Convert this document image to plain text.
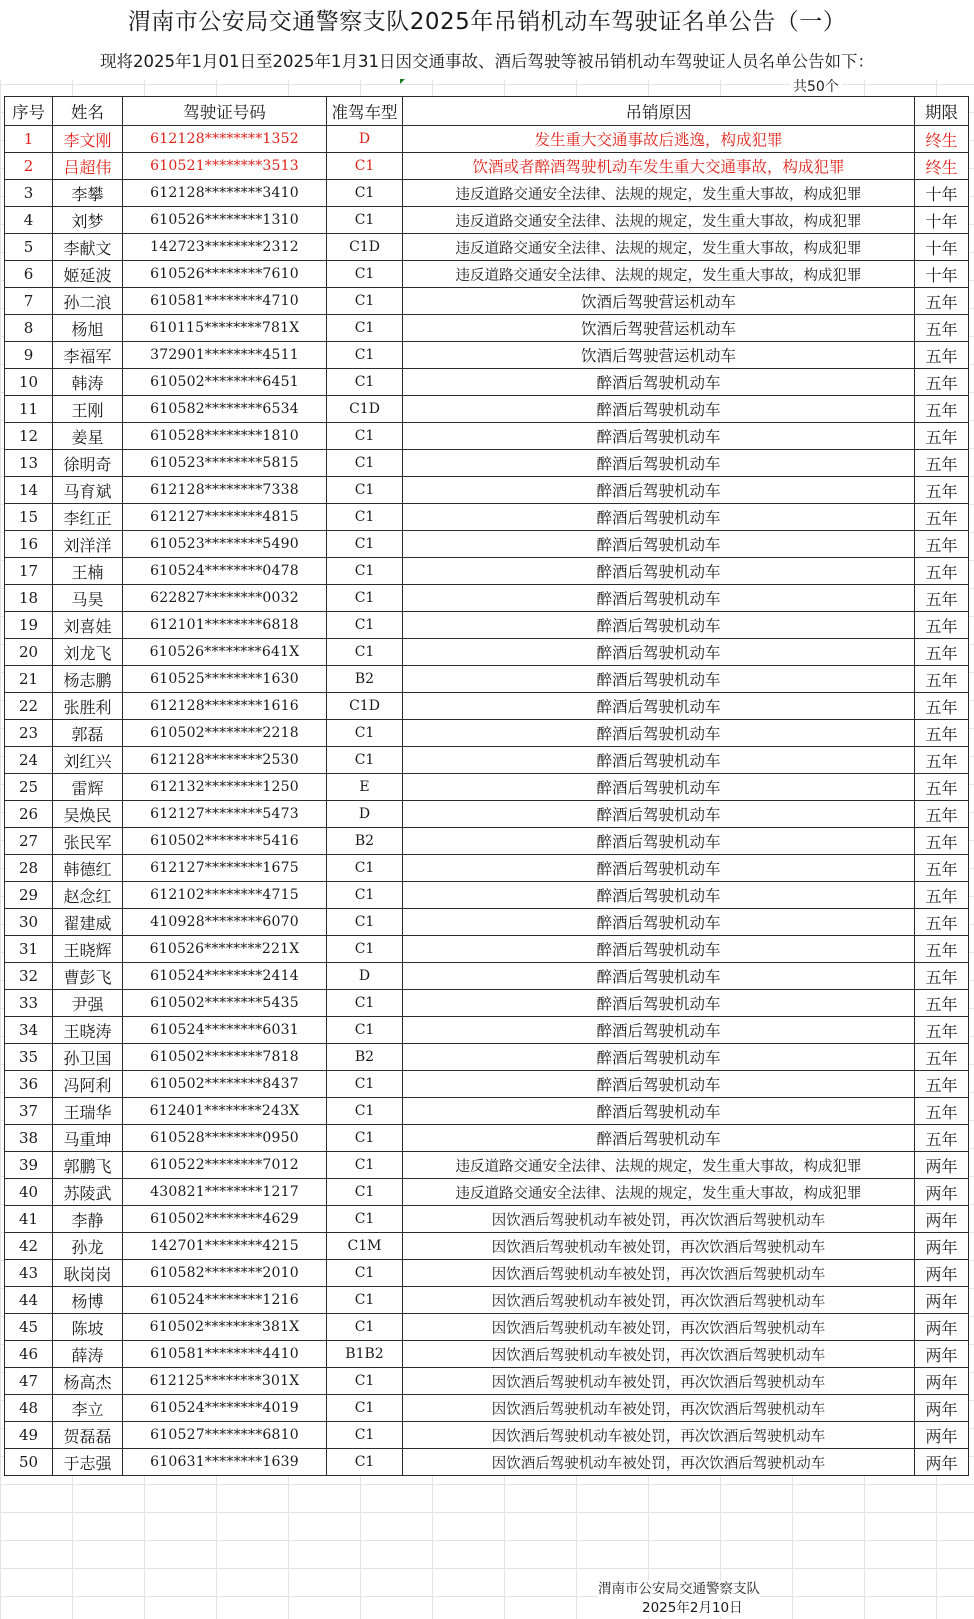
渭南市公安局交通警察支队2025年吊销机动车驾驶证名单公告（一）
现将2025年1月01日至2025年1月31日因交通事故、酒后驾驶等被吊销机动车驾驶证人员名单公告如下：
共50个
序号	姓名	驾驶证号码	准驾车型	吊销原因	期限
1	李文刚	612128********1352	D	发生重大交通事故后逃逸，构成犯罪	终生
2	吕超伟	610521********3513	C1	饮酒或者醉酒驾驶机动车发生重大交通事故，构成犯罪	终生
3	李攀	612128********3410	C1	违反道路交通安全法律、法规的规定，发生重大事故，构成犯罪	十年
4	刘梦	610526********1310	C1	违反道路交通安全法律、法规的规定，发生重大事故，构成犯罪	十年
5	李献文	142723********2312	C1D	违反道路交通安全法律、法规的规定，发生重大事故，构成犯罪	十年
6	姬延波	610526********7610	C1	违反道路交通安全法律、法规的规定，发生重大事故，构成犯罪	十年
7	孙二浪	610581********4710	C1	饮酒后驾驶营运机动车	五年
8	杨旭	610115********781X	C1	饮酒后驾驶营运机动车	五年
9	李福军	372901********4511	C1	饮酒后驾驶营运机动车	五年
10	韩涛	610502********6451	C1	醉酒后驾驶机动车	五年
11	王刚	610582********6534	C1D	醉酒后驾驶机动车	五年
12	姜星	610528********1810	C1	醉酒后驾驶机动车	五年
13	徐明奇	610523********5815	C1	醉酒后驾驶机动车	五年
14	马育斌	612128********7338	C1	醉酒后驾驶机动车	五年
15	李红正	612127********4815	C1	醉酒后驾驶机动车	五年
16	刘洋洋	610523********5490	C1	醉酒后驾驶机动车	五年
17	王楠	610524********0478	C1	醉酒后驾驶机动车	五年
18	马昊	622827********0032	C1	醉酒后驾驶机动车	五年
19	刘喜娃	612101********6818	C1	醉酒后驾驶机动车	五年
20	刘龙飞	610526********641X	C1	醉酒后驾驶机动车	五年
21	杨志鹏	610525********1630	B2	醉酒后驾驶机动车	五年
22	张胜利	612128********1616	C1D	醉酒后驾驶机动车	五年
23	郭磊	610502********2218	C1	醉酒后驾驶机动车	五年
24	刘红兴	612128********2530	C1	醉酒后驾驶机动车	五年
25	雷辉	612132********1250	E	醉酒后驾驶机动车	五年
26	吴焕民	612127********5473	D	醉酒后驾驶机动车	五年
27	张民军	610502********5416	B2	醉酒后驾驶机动车	五年
28	韩德红	612127********1675	C1	醉酒后驾驶机动车	五年
29	赵念红	612102********4715	C1	醉酒后驾驶机动车	五年
30	翟建威	410928********6070	C1	醉酒后驾驶机动车	五年
31	王晓辉	610526********221X	C1	醉酒后驾驶机动车	五年
32	曹彭飞	610524********2414	D	醉酒后驾驶机动车	五年
33	尹强	610502********5435	C1	醉酒后驾驶机动车	五年
34	王晓涛	610524********6031	C1	醉酒后驾驶机动车	五年
35	孙卫国	610502********7818	B2	醉酒后驾驶机动车	五年
36	冯阿利	610502********8437	C1	醉酒后驾驶机动车	五年
37	王瑞华	612401********243X	C1	醉酒后驾驶机动车	五年
38	马重坤	610528********0950	C1	醉酒后驾驶机动车	五年
39	郭鹏飞	610522********7012	C1	违反道路交通安全法律、法规的规定，发生重大事故，构成犯罪	两年
40	苏陵武	430821********1217	C1	违反道路交通安全法律、法规的规定，发生重大事故，构成犯罪	两年
41	李静	610502********4629	C1	因饮酒后驾驶机动车被处罚，再次饮酒后驾驶机动车	两年
42	孙龙	142701********4215	C1M	因饮酒后驾驶机动车被处罚，再次饮酒后驾驶机动车	两年
43	耿岗岗	610582********2010	C1	因饮酒后驾驶机动车被处罚，再次饮酒后驾驶机动车	两年
44	杨博	610524********1216	C1	因饮酒后驾驶机动车被处罚，再次饮酒后驾驶机动车	两年
45	陈坡	610502********381X	C1	因饮酒后驾驶机动车被处罚，再次饮酒后驾驶机动车	两年
46	薛涛	610581********4410	B1B2	因饮酒后驾驶机动车被处罚，再次饮酒后驾驶机动车	两年
47	杨高杰	612125********301X	C1	因饮酒后驾驶机动车被处罚，再次饮酒后驾驶机动车	两年
48	李立	610524********4019	C1	因饮酒后驾驶机动车被处罚，再次饮酒后驾驶机动车	两年
49	贺磊磊	610527********6810	C1	因饮酒后驾驶机动车被处罚，再次饮酒后驾驶机动车	两年
50	于志强	610631********1639	C1	因饮酒后驾驶机动车被处罚，再次饮酒后驾驶机动车	两年
渭南市公安局交通警察支队
2025年2月10日
